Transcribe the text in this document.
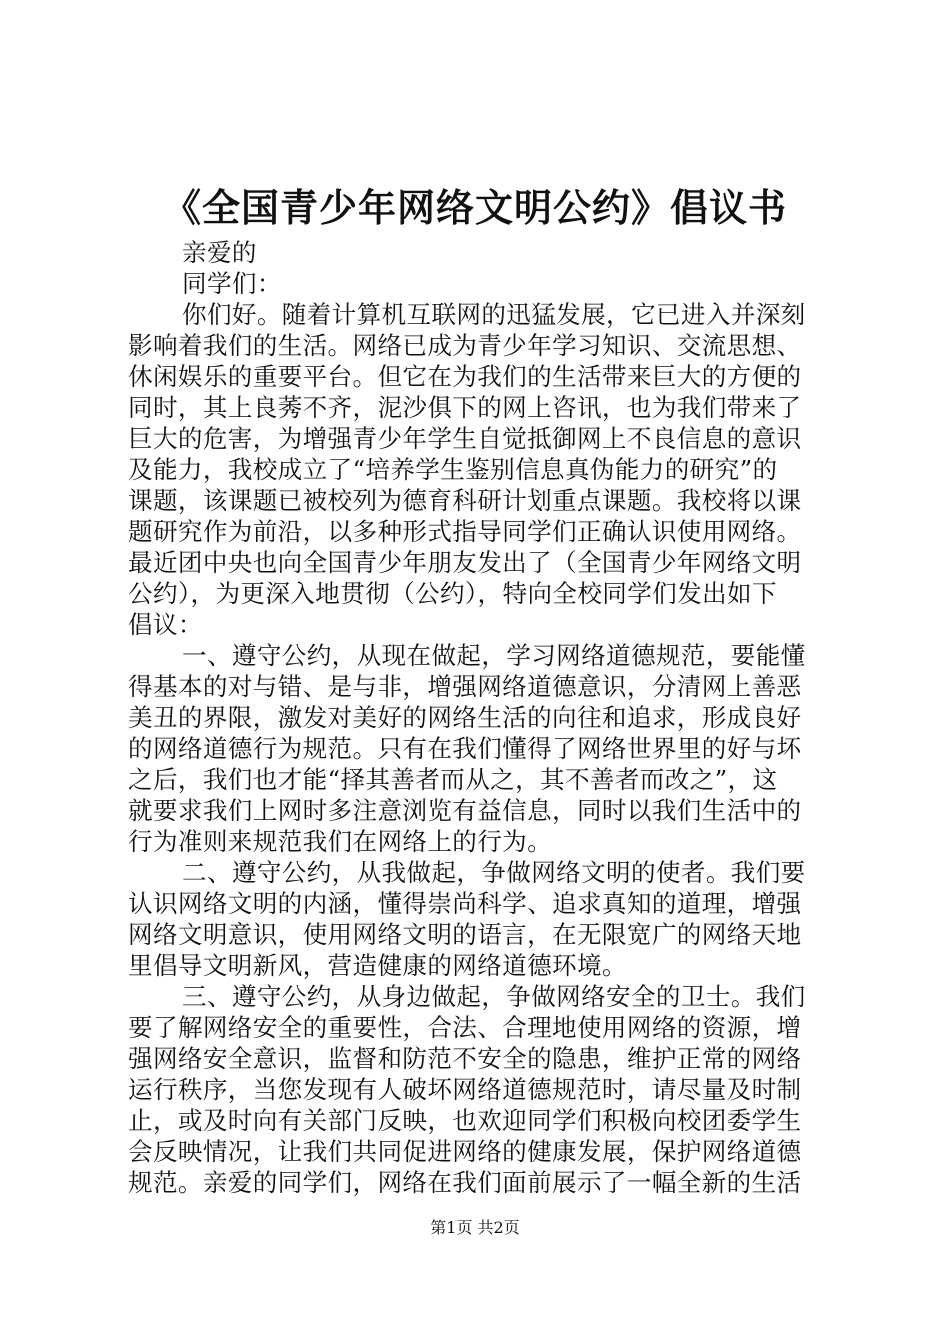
《全国青少年网络文明公约》倡议书
亲爱的
同学们：
你们好。随着计算机互联网的迅猛发展，它已进入并深刻
影响着我们的生活。网络已成为青少年学习知识、交流思想、
休闲娱乐的重要平台。但它在为我们的生活带来巨大的方便的
同时，其上良莠不齐，泥沙俱下的网上咨讯，也为我们带来了
巨大的危害，为增强青少年学生自觉抵御网上不良信息的意识
及能力，我校成立了“培养学生鉴别信息真伪能力的研究”的
课题，该课题已被校列为德育科研计划重点课题。我校将以课
题研究作为前沿，以多种形式指导同学们正确认识使用网络。
最近团中央也向全国青少年朋友发出了（全国青少年网络文明
公约），为更深入地贯彻（公约），特向全校同学们发出如下
倡议：
一、遵守公约，从现在做起，学习网络道德规范，要能懂
得基本的对与错、是与非，增强网络道德意识，分清网上善恶
美丑的界限，激发对美好的网络生活的向往和追求，形成良好
的网络道德行为规范。只有在我们懂得了网络世界里的好与坏
之后，我们也才能“择其善者而从之，其不善者而改之”，这
就要求我们上网时多注意浏览有益信息，同时以我们生活中的
行为准则来规范我们在网络上的行为。
二、遵守公约，从我做起，争做网络文明的使者。我们要
认识网络文明的内涵，懂得崇尚科学、追求真知的道理，增强
网络文明意识，使用网络文明的语言，在无限宽广的网络天地
里倡导文明新风，营造健康的网络道德环境。
三、遵守公约，从身边做起，争做网络安全的卫士。我们
要了解网络安全的重要性，合法、合理地使用网络的资源，增
强网络安全意识，监督和防范不安全的隐患，维护正常的网络
运行秩序，当您发现有人破坏网络道德规范时，请尽量及时制
止，或及时向有关部门反映，也欢迎同学们积极向校团委学生
会反映情况，让我们共同促进网络的健康发展，保护网络道德
规范。亲爱的同学们，网络在我们面前展示了一幅全新的生活
第1页 共2页
